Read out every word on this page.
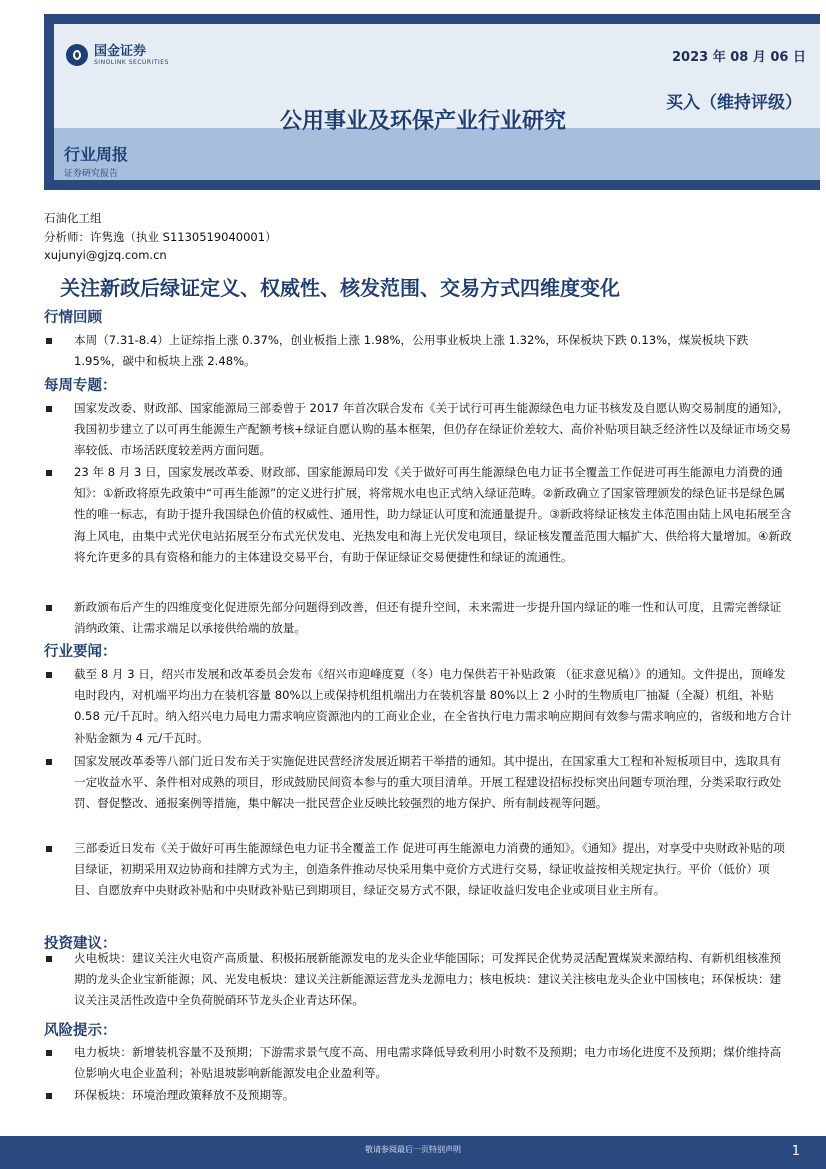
国金证券
SINOLINK SECURITIES	2023 年 08 月 06 日
买入（维持评级）
公用事业及环保产业行业研究
行业周报
证券研究报告
石油化工组
分析师：许隽逸（执业 S1130519040001）
xujunyi@gjzq.com.cn
关注新政后绿证定义、权威性、核发范围、交易方式四维度变化
行情回顾
本周（7.31-8.4）上证综指上涨 0.37%，创业板指上涨 1.98%，公用事业板块上涨 1.32%，环保板块下跌 0.13%，煤炭板块下跌 1.95%，碳中和板块上涨 2.48%。
每周专题：
国家发改委、财政部、国家能源局三部委曾于 2017 年首次联合发布《关于试行可再生能源绿色电力证书核发及自愿认购交易制度的通知》，我国初步建立了以可再生能源生产配额考核+绿证自愿认购的基本框架，但仍存在绿证价差较大、高价补贴项目缺乏经济性以及绿证市场交易率较低、市场活跃度较差两方面问题。
23 年 8 月 3 日，国家发展改革委、财政部、国家能源局印发《关于做好可再生能源绿色电力证书全覆盖工作促进可再生能源电力消费的通知》：①新政将原先政策中“可再生能源”的定义进行扩展，将常规水电也正式纳入绿证范畴。②新政确立了国家管理颁发的绿色证书是绿色属性的唯一标志，有助于提升我国绿色价值的权威性、通用性，助力绿证认可度和流通量提升。③新政将绿证核发主体范围由陆上风电拓展至含海上风电，由集中式光伏电站拓展至分布式光伏发电、光热发电和海上光伏发电项目，绿证核发覆盖范围大幅扩大、供给将大量增加。④新政将允许更多的具有资格和能力的主体建设交易平台，有助于保证绿证交易便捷性和绿证的流通性。
新政颁布后产生的四维度变化促进原先部分问题得到改善，但还有提升空间，未来需进一步提升国内绿证的唯一性和认可度，且需完善绿证消纳政策、让需求端足以承接供给端的放量。
行业要闻：
截至 8 月 3 日，绍兴市发展和改革委员会发布《绍兴市迎峰度夏（冬）电力保供若干补贴政策 （征求意见稿）》的通知。文件提出，顶峰发电时段内，对机端平均出力在装机容量 80%以上或保持机组机端出力在装机容量 80%以上 2 小时的生物质电厂抽凝（全凝）机组，补贴 0.58 元/千瓦时。纳入绍兴电力局电力需求响应资源池内的工商业企业，在全省执行电力需求响应期间有效参与需求响应的，省级和地方合计补贴金额为 4 元/千瓦时。
国家发展改革委等八部门近日发布关于实施促进民营经济发展近期若干举措的通知。其中提出，在国家重大工程和补短板项目中，选取具有一定收益水平、条件相对成熟的项目，形成鼓励民间资本参与的重大项目清单。开展工程建设招标投标突出问题专项治理，分类采取行政处罚、督促整改、通报案例等措施，集中解决一批民营企业反映比较强烈的地方保护、所有制歧视等问题。
三部委近日发布《关于做好可再生能源绿色电力证书全覆盖工作 促进可再生能源电力消费的通知》。《通知》提出，对享受中央财政补贴的项目绿证，初期采用双边协商和挂牌方式为主，创造条件推动尽快采用集中竞价方式进行交易，绿证收益按相关规定执行。平价（低价）项目、自愿放弃中央财政补贴和中央财政补贴已到期项目，绿证交易方式不限，绿证收益归发电企业或项目业主所有。
投资建议：
火电板块：建议关注火电资产高质量、积极拓展新能源发电的龙头企业华能国际；可发挥民企优势灵活配置煤炭来源结构、有新机组核准预期的龙头企业宝新能源；风、光发电板块：建议关注新能源运营龙头龙源电力；核电板块：建议关注核电龙头企业中国核电；环保板块：建议关注灵活性改造中全负荷脱硝环节龙头企业青达环保。
风险提示：
电力板块：新增装机容量不及预期；下游需求景气度不高、用电需求降低导致利用小时数不及预期；电力市场化进度不及预期；煤价维持高位影响火电企业盈利；补贴退坡影响新能源发电企业盈利等。
环保板块：环境治理政策释放不及预期等。
敬请参阅最后一页特别声明	1
